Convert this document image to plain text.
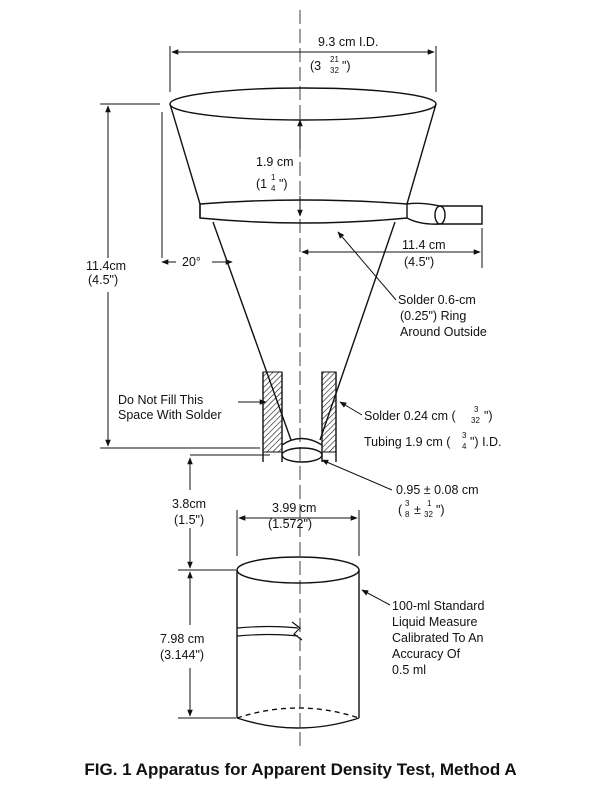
9.3 cm I.D.
(3 21
32 ")
1.9 cm
(1 1
4 ")
11.4cm
(4.5")
20°
11.4 cm
(4.5")
Solder 0.6-cm
(0.25") Ring
Around Outside
Do Not Fill This
Space With Solder	Solder 0.24 cm ( 3
32 ")
Tubing 1.9 cm ( 3
4 ") I.D.
0.95 ± 0.08 cm
( 3
8 ± 1
32 ")
3.8cm
(1.5")
3.99 cm
(1.572")
7.98 cm
(3.144")
100-ml Standard
Liquid Measure
Calibrated To An
Accuracy Of
0.5 ml
FIG. 1 Apparatus for Apparent Density Test, Method A
